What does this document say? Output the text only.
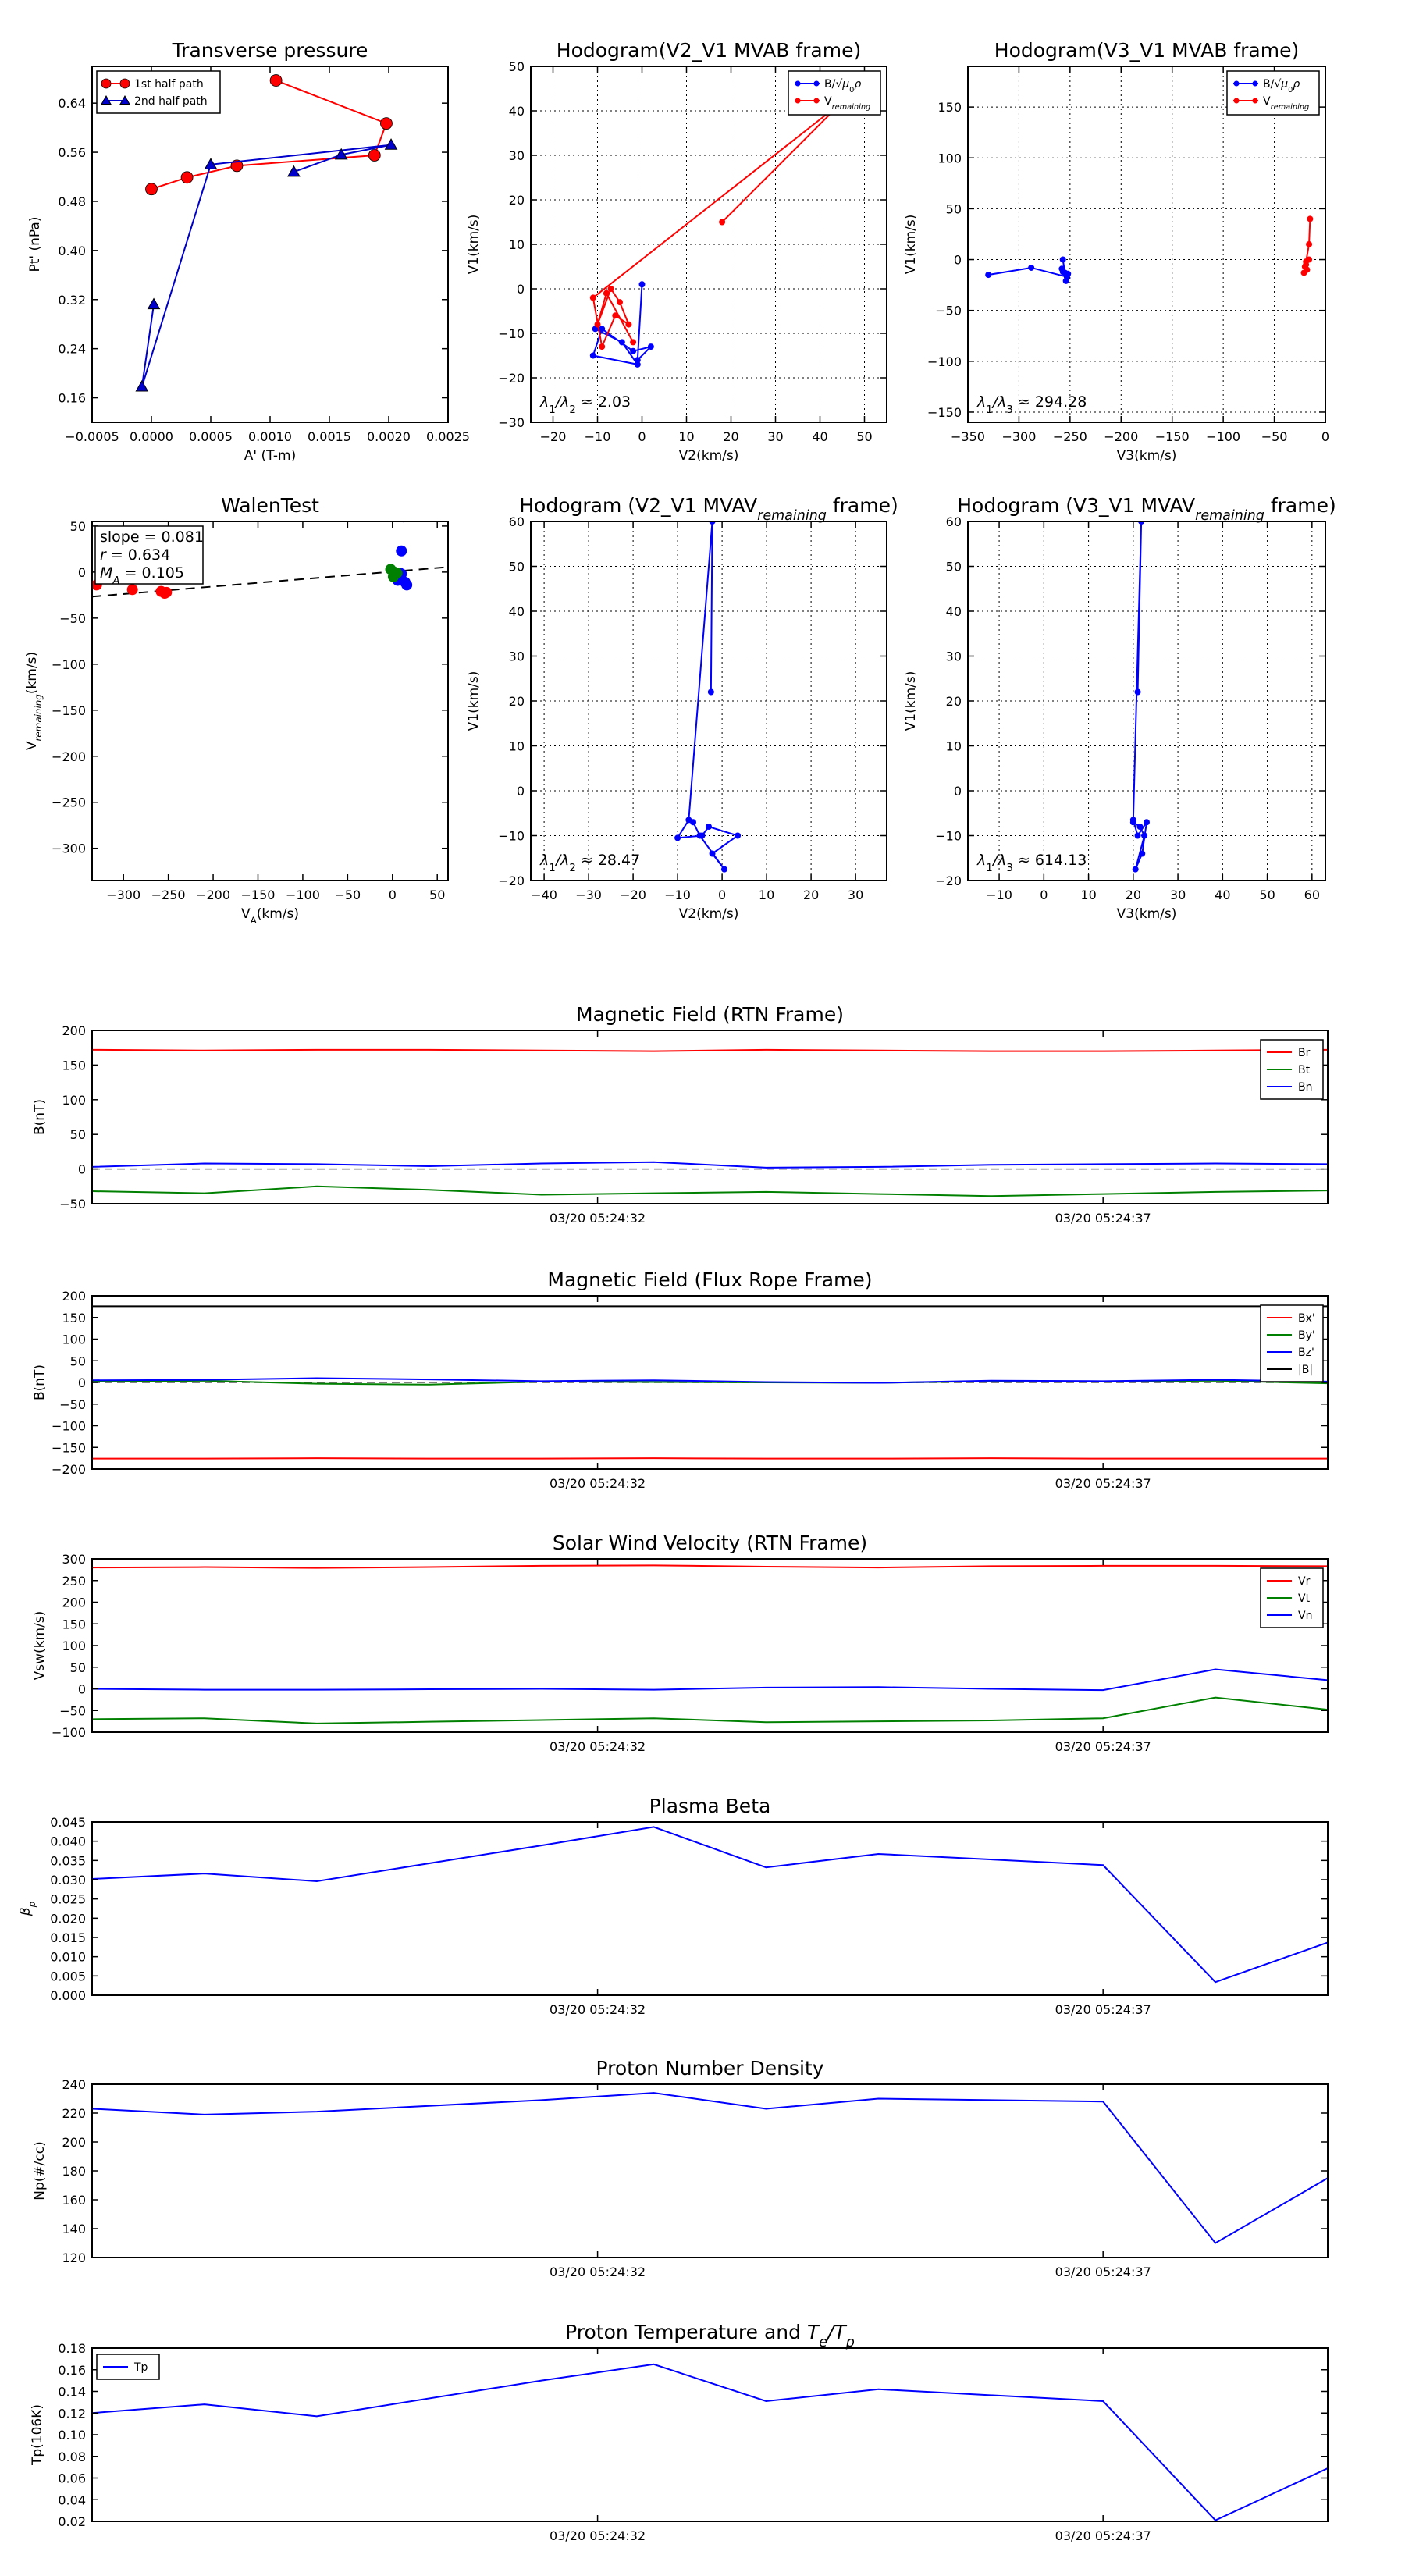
Transverse pressure
−0.0005 0.0000 0.0005 0.0010 0.0015 0.0020 0.0025
0.16
0.24
0.32
0.40
0.48
0.56
0.64
A' (T-m)
Pt' (nPa)
1st half path
2nd half path
Hodogram(V2_V1 MVAB frame)
−20 −10 0	10 20 30 40 50
−30
−20
−10
0
10
20
30
40
50
V2(km/s)
V1(km/s)
$\lambda_1/\lambda_2 \approx 2.03$
$B/√\mu_0\rho$
$V_{remaining}$
Hodogram(V3_V1 MVAB frame)
−350 −300 −250 −200 −150 −100 −50	0
−150
−100
−50
0
50
100
150
V3(km/s)
V1(km/s)
$\lambda_1/\lambda_3 \approx 294.28$
$B/√\mu_0\rho$
$V_{remaining}$
WalenTest
−300 −250 −200 −150 −100 −50 0	50
−300
−250
−200
−150
−100
−50
0
50
$V_A(km/s)$
$V_{remaining}(km/s)$
slope = 0.081
r = 0.634
$M_A = 0.105$
Hodogram (V2_V1 $MVAV_{remaining}$ frame)
−40 −30 −20 −10 0	10 20 30
−20
−10
0
10
20
30
40
50
60
V2(km/s)
V1(km/s)
$\lambda_1/\lambda_2 \approx 28.47$
Hodogram (V3_V1 $MVAV_{remaining}$ frame)
−10 0	10 20 30 40 50 60
−20
−10
0
10
20
30
40
50
60
V3(km/s)
V1(km/s)
$\lambda_1/\lambda_3 \approx 614.13$
Magnetic Field (RTN Frame)
03/20 05:24:32	03/20 05:24:37
−50
0
50
100
150
200
B(nT)
Br
Bt
Bn
Magnetic Field (Flux Rope Frame)
03/20 05:24:32	03/20 05:24:37
−200
−150
−100
−50
0
50
100
150
200
B(nT)
Bx'
By'
Bz'
|B|
Solar Wind Velocity (RTN Frame)
03/20 05:24:32	03/20 05:24:37
−100
−50
0
50
100
150
200
250
300
Vsw(km/s)
Vr
Vt
Vn
Plasma Beta
03/20 05:24:32	03/20 05:24:37
0.000
0.005
0.010
0.015
0.020
0.025
0.030
0.035
0.040
0.045
$\beta_p$
Proton Number Density
03/20 05:24:32	03/20 05:24:37
120
140
160
180
200
220
240
Np(#/cc)
Proton Temperature and $T_e/T_p$
03/20 05:24:32	03/20 05:24:37
0.02
0.04
0.06
0.08
0.10
0.12
0.14
0.16
0.18
Tp(106K)
Tp
